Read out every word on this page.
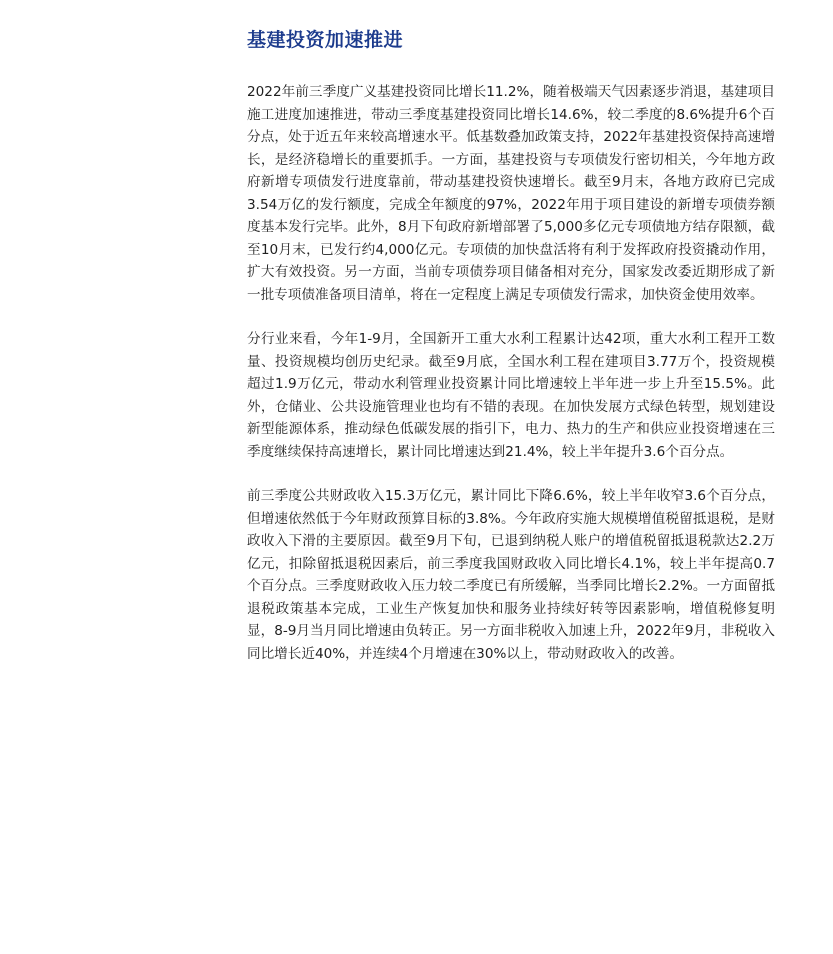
基建投资加速推进

2022年前三季度广义基建投资同比增长11.2%，随着极端天气因素逐步消退，基建项目施工进度加速推进，带动三季度基建投资同比增长14.6%，较二季度的8.6%提升6个百分点，处于近五年来较高增速水平。低基数叠加政策支持，2022年基建投资保持高速增长，是经济稳增长的重要抓手。一方面，基建投资与专项债发行密切相关，今年地方政府新增专项债发行进度靠前，带动基建投资快速增长。截至9月末，各地方政府已完成3.54万亿的发行额度，完成全年额度的97%，2022年用于项目建设的新增专项债券额度基本发行完毕。此外，8月下旬政府新增部署了5,000多亿元专项债地方结存限额，截至10月末，已发行约4,000亿元。专项债的加快盘活将有利于发挥政府投资撬动作用，扩大有效投资。另一方面，当前专项债券项目储备相对充分，国家发改委近期形成了新一批专项债准备项目清单，将在一定程度上满足专项债发行需求，加快资金使用效率。

分行业来看，今年1-9月，全国新开工重大水利工程累计达42项，重大水利工程开工数量、投资规模均创历史纪录。截至9月底，全国水利工程在建项目3.77万个，投资规模超过1.9万亿元，带动水利管理业投资累计同比增速较上半年进一步上升至15.5%。此外，仓储业、公共设施管理业也均有不错的表现。在加快发展方式绿色转型，规划建设新型能源体系，推动绿色低碳发展的指引下，电力、热力的生产和供应业投资增速在三季度继续保持高速增长，累计同比增速达到21.4%，较上半年提升3.6个百分点。

前三季度公共财政收入15.3万亿元，累计同比下降6.6%，较上半年收窄3.6个百分点，但增速依然低于今年财政预算目标的3.8%。今年政府实施大规模增值税留抵退税，是财政收入下滑的主要原因。截至9月下旬，已退到纳税人账户的增值税留抵退税款达2.2万亿元，扣除留抵退税因素后，前三季度我国财政收入同比增长4.1%，较上半年提高0.7个百分点。三季度财政收入压力较二季度已有所缓解，当季同比增长2.2%。一方面留抵退税政策基本完成，工业生产恢复加快和服务业持续好转等因素影响，增值税修复明显，8-9月当月同比增速由负转正。另一方面非税收入加速上升，2022年9月，非税收入同比增长近40%，并连续4个月增速在30%以上，带动财政收入的改善。
